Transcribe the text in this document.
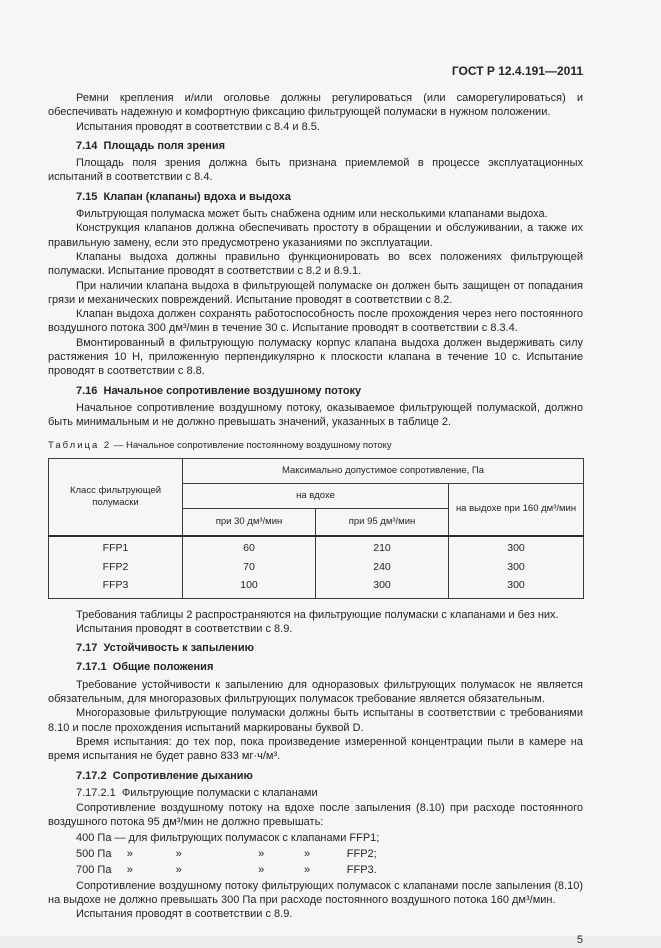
ГОСТ Р 12.4.191—2011

Ремни крепления и/или оголовье должны регулироваться (или саморегулироваться) и обеспечивать надежную и комфортную фиксацию фильтрующей полумаски в нужном положении.

Испытания проводят в соответствии с 8.4 и 8.5.

7.14  Площадь поля зрения

Площадь поля зрения должна быть признана приемлемой в процессе эксплуатационных испытаний в соответствии с 8.4.

7.15  Клапан (клапаны) вдоха и выдоха

Фильтрующая полумаска может быть снабжена одним или несколькими клапанами выдоха.

Конструкция клапанов должна обеспечивать простоту в обращении и обслуживании, а также их правильную замену, если это предусмотрено указаниями по эксплуатации.

Клапаны выдоха должны правильно функционировать во всех положениях фильтрующей полумаски. Испытание проводят в соответствии с 8.2 и 8.9.1.

При наличии клапана выдоха в фильтрующей полумаске он должен быть защищен от попадания грязи и механических повреждений. Испытание проводят в соответствии с 8.2.

Клапан выдоха должен сохранять работоспособность после прохождения через него постоянного воздушного потока 300 дм³/мин в течение 30 с. Испытание проводят в соответствии с 8.3.4.

Вмонтированный в фильтрующую полумаску корпус клапана выдоха должен выдерживать силу растяжения 10 Н, приложенную перпендикулярно к плоскости клапана в течение 10 с. Испытание проводят в соответствии с 8.8.

7.16  Начальное сопротивление воздушному потоку

Начальное сопротивление воздушному потоку, оказываемое фильтрующей полумаской, должно быть минимальным и не должно превышать значений, указанных в таблице 2.

Таблица 2 — Начальное сопротивление постоянному воздушному потоку
Класс фильтрующей полумаски	Максимально допустимое сопротивление, Па		
	на вдохе		на выдохе при 160 дм³/мин
	при 30 дм³/мин	при 95 дм³/мин	
FFP1	60	210	300
FFP2	70	240	300
FFP3	100	300	300

Требования таблицы 2 распространяются на фильтрующие полумаски с клапанами и без них.

Испытания проводят в соответствии с 8.9.

7.17  Устойчивость к запылению
7.17.1  Общие положения

Требование устойчивости к запылению для одноразовых фильтрующих полумасок не является обязательным, для многоразовых фильтрующих полумасок требование является обязательным.

Многоразовые фильтрующие полумаски должны быть испытаны в соответствии с требованиями 8.10 и после прохождения испытаний маркированы буквой D.

Время испытания: до тех пор, пока произведение измеренной концентрации пыли в камере на время испытания не будет равно 833 мг·ч/м³.

7.17.2  Сопротивление дыханию
7.17.2.1  Фильтрующие полумаски с клапанами

Сопротивление воздушному потоку на вдохе после запыления (8.10) при расходе постоянного воздушного потока 95 дм³/мин не должно превышать:

400 Па — для фильтрующих полумасок с клапанами FFP1;
500 Па     »              »                         »             »            FFP2;
700 Па     »              »                         »             »            FFP3.

Сопротивление воздушному потоку фильтрующих полумасок с клапанами после запыления (8.10) на выдохе не должно превышать 300 Па при расходе постоянного воздушного потока 160 дм³/мин.

Испытания проводят в соответствии с 8.9.

5
